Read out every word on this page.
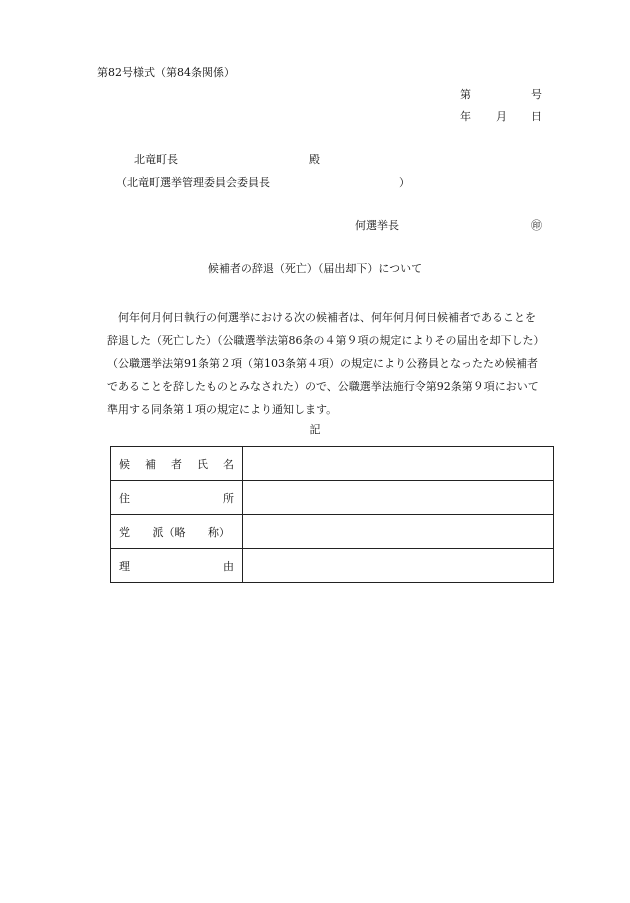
第82号様式（第84条関係）
第	号
年 月 日
北竜町長	殿
（北竜町選挙管理委員会委員長	）
何選挙長	㊞
候補者の辞退（死亡）（届出却下）について

何年何月何日執行の何選挙における次の候補者は、何年何月何日候補者であることを
辞退した（死亡した）（公職選挙法第86条の４第９項の規定によりその届出を却下した）
（公職選挙法第91条第２項（第103条第４項）の規定により公務員となったため候補者
であることを辞したものとみなされた）ので、公職選挙法施行令第92条第９項において
準用する同条第１項の規定により通知します。

記
候 補 者 氏 名	

住 所	

党 派（略 称）	

理 由	
